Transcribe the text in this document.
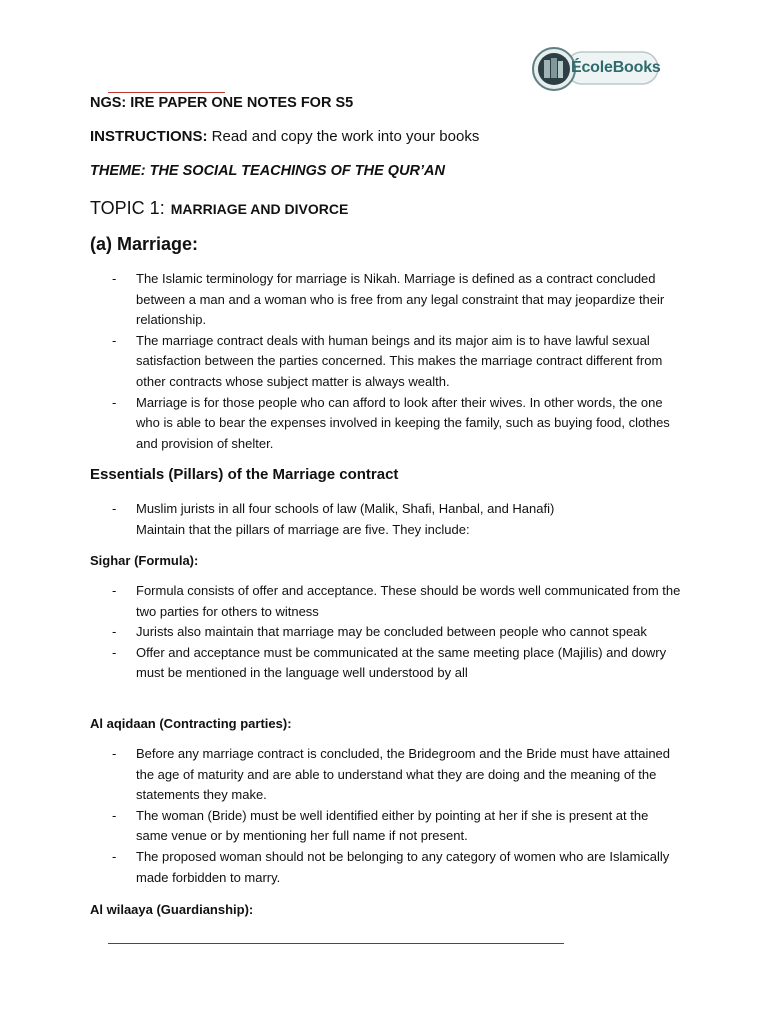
ÉcoleBooks
NGS: IRE PAPER ONE NOTES FOR S5
INSTRUCTIONS: Read and copy the work into your books
THEME: THE SOCIAL TEACHINGS OF THE QUR’AN
TOPIC 1: MARRIAGE AND DIVORCE
(a) Marriage:
- The Islamic terminology for marriage is Nikah. Marriage is defined as a contract concluded between a man and a woman who is free from any legal constraint that may jeopardize their relationship.
- The marriage contract deals with human beings and its major aim is to have lawful sexual satisfaction between the parties concerned. This makes the marriage contract different from other contracts whose subject matter is always wealth.
- Marriage is for those people who can afford to look after their wives. In other words, the one who is able to bear the expenses involved in keeping the family, such as buying food, clothes and provision of shelter.
Essentials (Pillars) of the Marriage contract
- Muslim jurists in all four schools of law (Malik, Shafi, Hanbal, and Hanafi)
Maintain that the pillars of marriage are five. They include:
Sighar (Formula):
- Formula consists of offer and acceptance. These should be words well communicated from the two parties for others to witness
- Jurists also maintain that marriage may be concluded between people who cannot speak
- Offer and acceptance must be communicated at the same meeting place (Majilis) and dowry must be mentioned in the language well understood by all
Al aqidaan (Contracting parties):
- Before any marriage contract is concluded, the Bridegroom and the Bride must have attained the age of maturity and are able to understand what they are doing and the meaning of the statements they make.
- The woman (Bride) must be well identified either by pointing at her if she is present at the same venue or by mentioning her full name if not present.
- The proposed woman should not be belonging to any category of women who are Islamically made forbidden to marry.
Al wilaaya (Guardianship):
